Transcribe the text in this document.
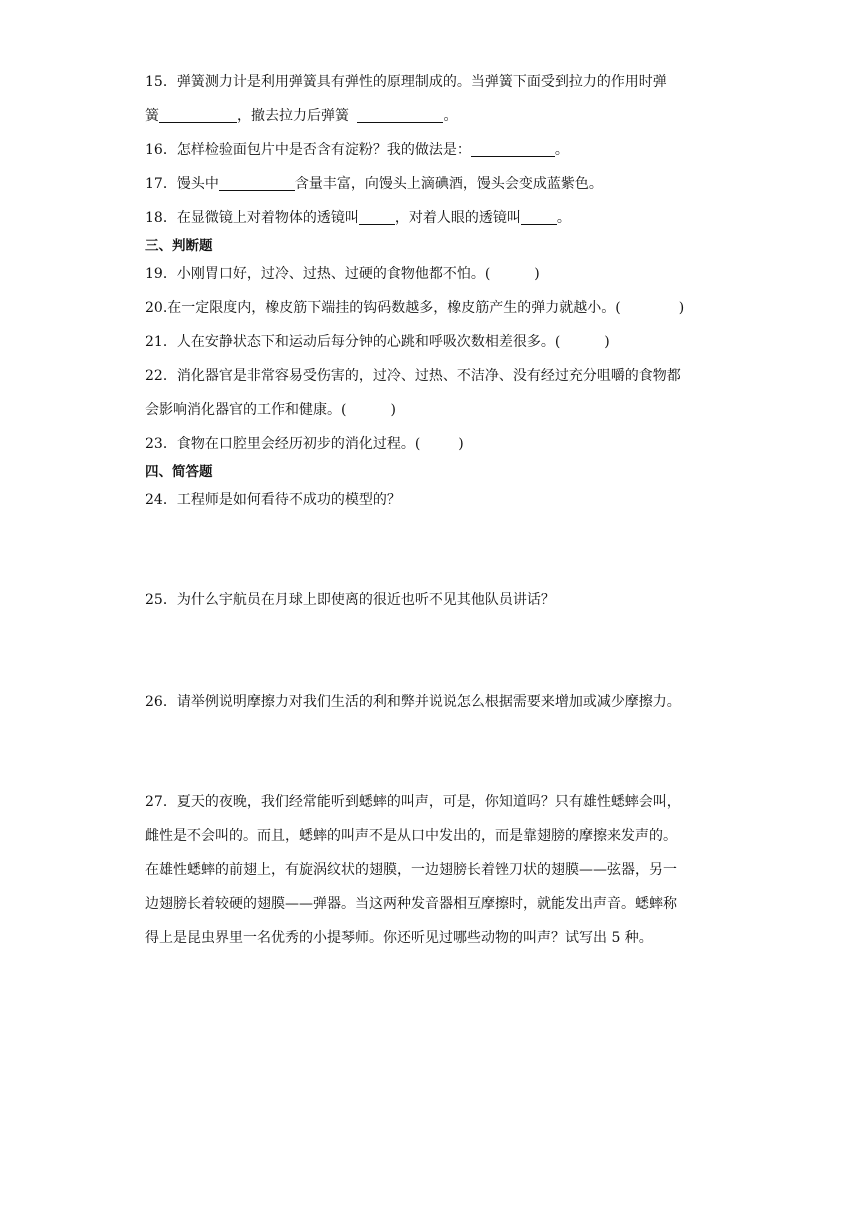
15．弹簧测力计是利用弹簧具有弹性的原理制成的。当弹簧下面受到拉力的作用时弹
簧	，撤去拉力后弹簧	。
16．怎样检验面包片中是否含有淀粉？我的做法是：	。
17．馒头中	含量丰富，向馒头上滴碘酒，馒头会变成蓝紫色。
18．在显微镜上对着物体的透镜叫	，对着人眼的透镜叫	。
三、判断题
19．小刚胃口好，过冷、过热、过硬的食物他都不怕。(	)
20.在一定限度内，橡皮筋下端挂的钩码数越多，橡皮筋产生的弹力就越小。(	)
21．人在安静状态下和运动后每分钟的心跳和呼吸次数相差很多。(	)
22．消化器官是非常容易受伤害的，过冷、过热、不洁净、没有经过充分咀嚼的食物都
会影响消化器官的工作和健康。(	)
23．食物在口腔里会经历初步的消化过程。(	)
四、简答题
24．工程师是如何看待不成功的模型的？
25．为什么宇航员在月球上即使离的很近也听不见其他队员讲话？
26．请举例说明摩擦力对我们生活的利和弊并说说怎么根据需要来增加或减少摩擦力。
27．夏天的夜晚，我们经常能听到蟋蟀的叫声，可是，你知道吗？只有雄性蟋蟀会叫，
雌性是不会叫的。而且，蟋蟀的叫声不是从口中发出的，而是靠翅膀的摩擦来发声的。
在雄性蟋蟀的前翅上，有旋涡纹状的翅膜，一边翅膀长着锉刀状的翅膜——弦器，另一
边翅膀长着较硬的翅膜——弹器。当这两种发音器相互摩擦时，就能发出声音。蟋蟀称
得上是昆虫界里一名优秀的小提琴师。你还听见过哪些动物的叫声？试写出 5 种。
